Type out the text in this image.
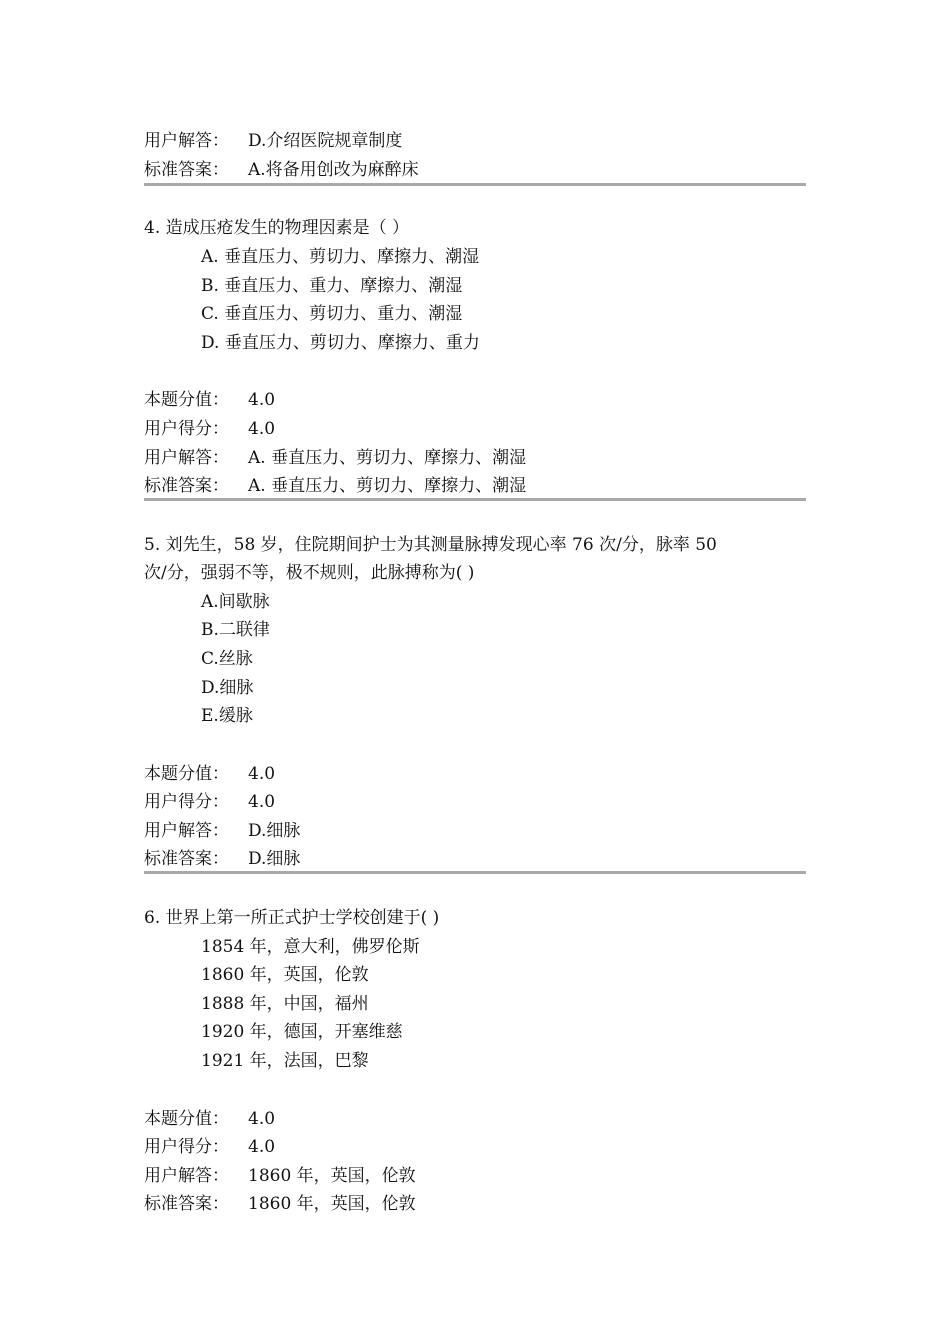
用户解答： D.介绍医院规章制度
标准答案： A.将备用创改为麻醉床
4. 造成压疮发生的物理因素是（ ）
A. 垂直压力、剪切力、摩擦力、潮湿
B. 垂直压力、重力、摩擦力、潮湿
C. 垂直压力、剪切力、重力、潮湿
D. 垂直压力、剪切力、摩擦力、重力
本题分值： 4.0
用户得分： 4.0
用户解答： A. 垂直压力、剪切力、摩擦力、潮湿
标准答案： A. 垂直压力、剪切力、摩擦力、潮湿
5. 刘先生，58 岁，住院期间护士为其测量脉搏发现心率 76 次/分，脉率 50
次/分，强弱不等，极不规则，此脉搏称为( )
A.间歇脉
B.二联律
C.丝脉
D.细脉
E.缓脉
本题分值： 4.0
用户得分： 4.0
用户解答： D.细脉
标准答案： D.细脉
6. 世界上第一所正式护士学校创建于( )
1854 年，意大利，佛罗伦斯
1860 年，英国，伦敦
1888 年，中国，福州
1920 年，德国，开塞维慈
1921 年，法国，巴黎
本题分值： 4.0
用户得分： 4.0
用户解答： 1860 年，英国，伦敦
标准答案： 1860 年，英国，伦敦
